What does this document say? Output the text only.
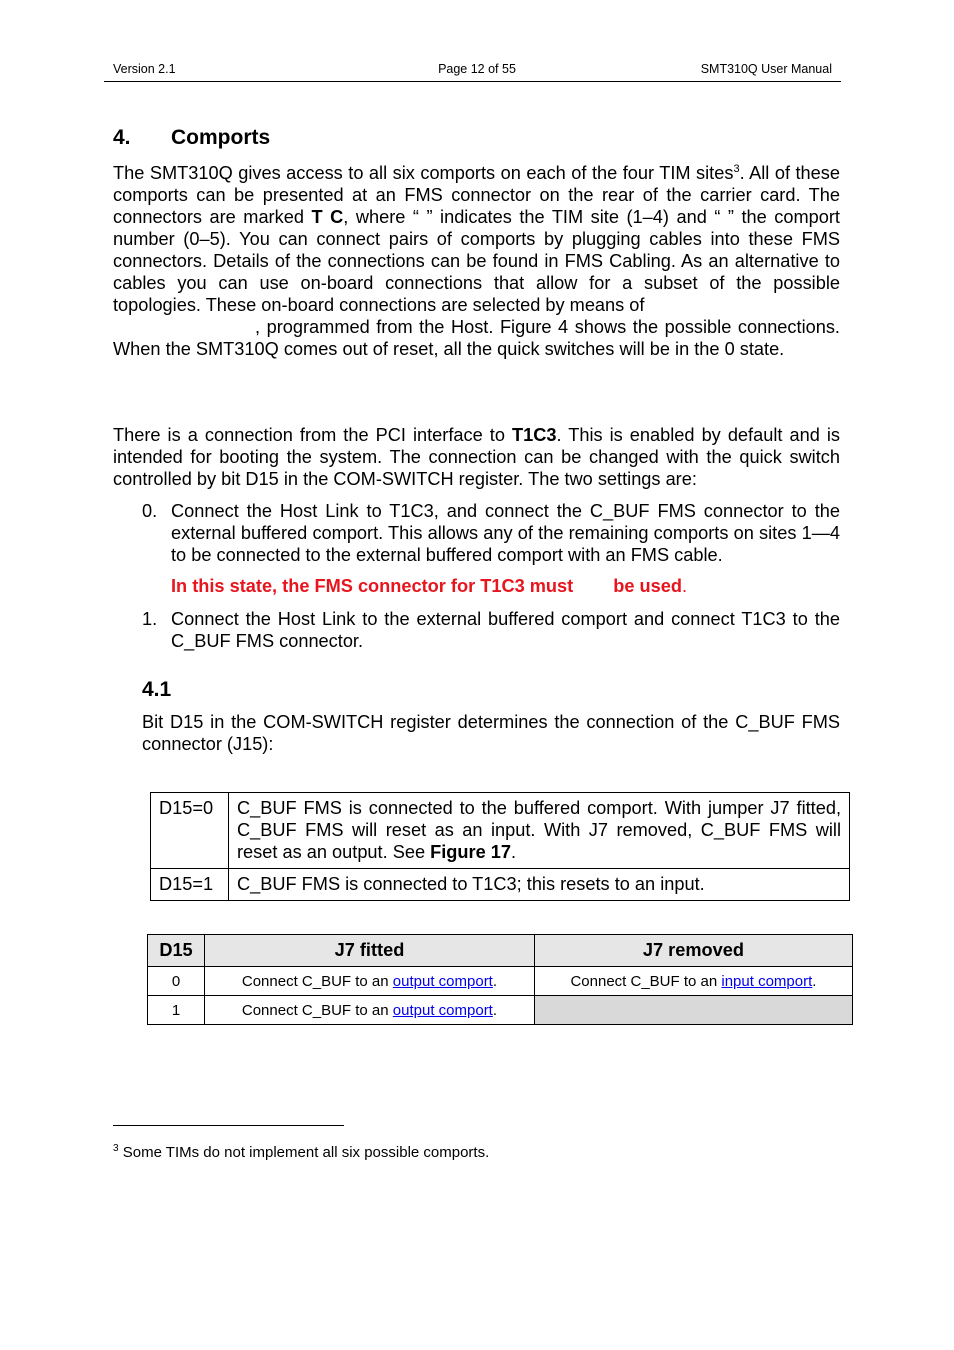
Version 2.1	Page 12 of 55	SMT310Q User Manual
4. Comports
The SMT310Q gives access to all six comports on each of the four TIM sites$^3$. All of these comports can be presented at an FMS connector on the rear of the carrier card. The connectors are marked T C, where “ ” indicates the TIM site (1–4) and “ ” the comport number (0–5). You can connect pairs of comports by plugging cables into these FMS connectors. Details of the connections can be found in FMS Cabling. As an alternative to cables you can use on-board connections that allow for a subset of the possible topologies. These on-board connections are selected by means of
, programmed from the Host. Figure 4 shows the possible connections. When the SMT310Q comes out of reset, all the quick switches will be in the 0 state.
There is a connection from the PCI interface to T1C3. This is enabled by default and is intended for booting the system. The connection can be changed with the quick switch controlled by bit D15 in the COM-SWITCH register. The two settings are:
0. Connect the Host Link to T1C3, and connect the C_BUF FMS connector to the external buffered comport. This allows any of the remaining comports on sites 1—4 to be connected to the external buffered comport with an FMS cable.
In this state, the FMS connector for T1C3 must be used.
1. Connect the Host Link to the external buffered comport and connect T1C3 to the C_BUF FMS connector.
4.1
Bit D15 in the COM-SWITCH register determines the connection of the C_BUF FMS connector (J15):
D15=0	C_BUF FMS is connected to the buffered comport. With jumper J7 fitted, C_BUF FMS will reset as an input. With J7 removed, C_BUF FMS will reset as an output. See Figure 17.
D15=1	C_BUF FMS is connected to T1C3; this resets to an input.
D15	J7 fitted	J7 removed
0	Connect C_BUF to an output comport.	Connect C_BUF to an input comport.
1	Connect C_BUF to an output comport.	
$^3$ Some TIMs do not implement all six possible comports.
